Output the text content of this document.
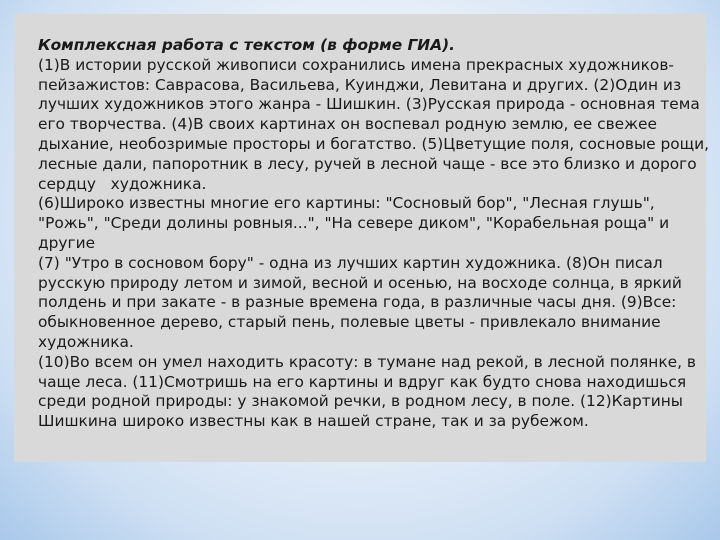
Комплексная работа с текстом (в форме ГИА).
(1)В истории русской живописи сохранились имена прекрасных художников-
пейзажистов: Саврасова, Васильева, Куинджи, Левитана и других. (2)Один из
лучших художников этого жанра - Шишкин. (3)Русская природа - основная тема
его творчества. (4)В своих картинах он воспевал родную землю, ее свежее
дыхание, необозримые просторы и богатство. (5)Цветущие поля, сосновые рощи,
лесные дали, папоротник в лесу, ручей в лесной чаще - все это близко и дорого
сердцу   художника.
(6)Широко известны многие его картины: "Сосновый бор", "Лесная глушь",
"Рожь", "Среди долины ровныя...", "На севере диком", "Корабельная роща" и
другие
(7) "Утро в сосновом бору" - одна из лучших картин художника. (8)Он писал
русскую природу летом и зимой, весной и осенью, на восходе солнца, в яркий
полдень и при закате - в разные времена года, в различные часы дня. (9)Все:
обыкновенное дерево, старый пень, полевые цветы - привлекало внимание
художника.
(10)Во всем он умел находить красоту: в тумане над рекой, в лесной полянке, в
чаще леса. (11)Смотришь на его картины и вдруг как будто снова находишься
среди родной природы: у знакомой речки, в родном лесу, в поле. (12)Картины
Шишкина широко известны как в нашей стране, так и за рубежом.
